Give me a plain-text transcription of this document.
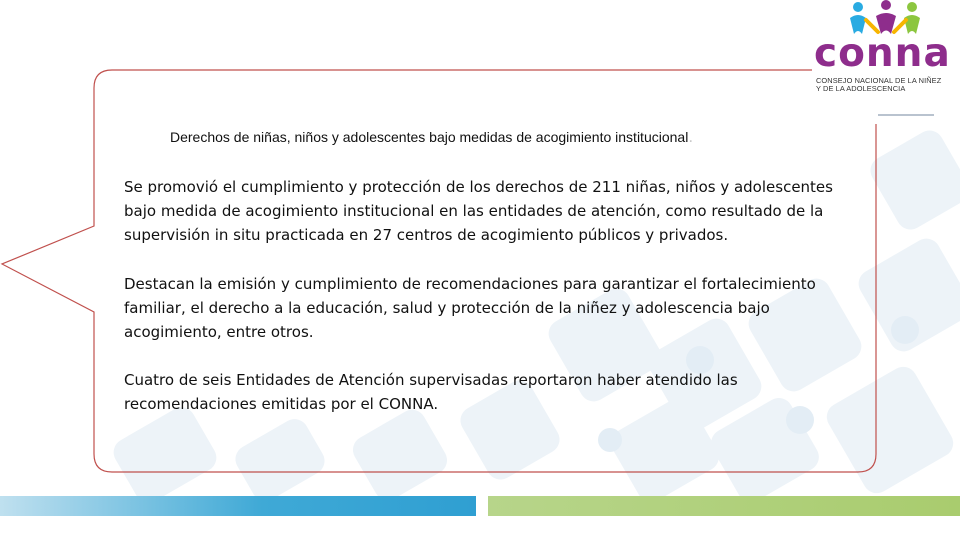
conna
CONSEJO NACIONAL DE LA NIÑEZ
Y DE LA ADOLESCENCIA
Derechos de niñas, niños y adolescentes bajo medidas de acogimiento institucional.

Se promovió el cumplimiento y protección de los derechos de 211 niñas, niños y adolescentes
bajo medida de acogimiento institucional en las entidades de atención, como resultado de la
supervisión in situ practicada en 27 centros de acogimiento públicos y privados.

Destacan la emisión y cumplimiento de recomendaciones para garantizar el fortalecimiento
familiar, el derecho a la educación, salud y protección de la niñez y adolescencia bajo
acogimiento, entre otros.

Cuatro de seis Entidades de Atención supervisadas reportaron haber atendido las
recomendaciones emitidas por el CONNA.
